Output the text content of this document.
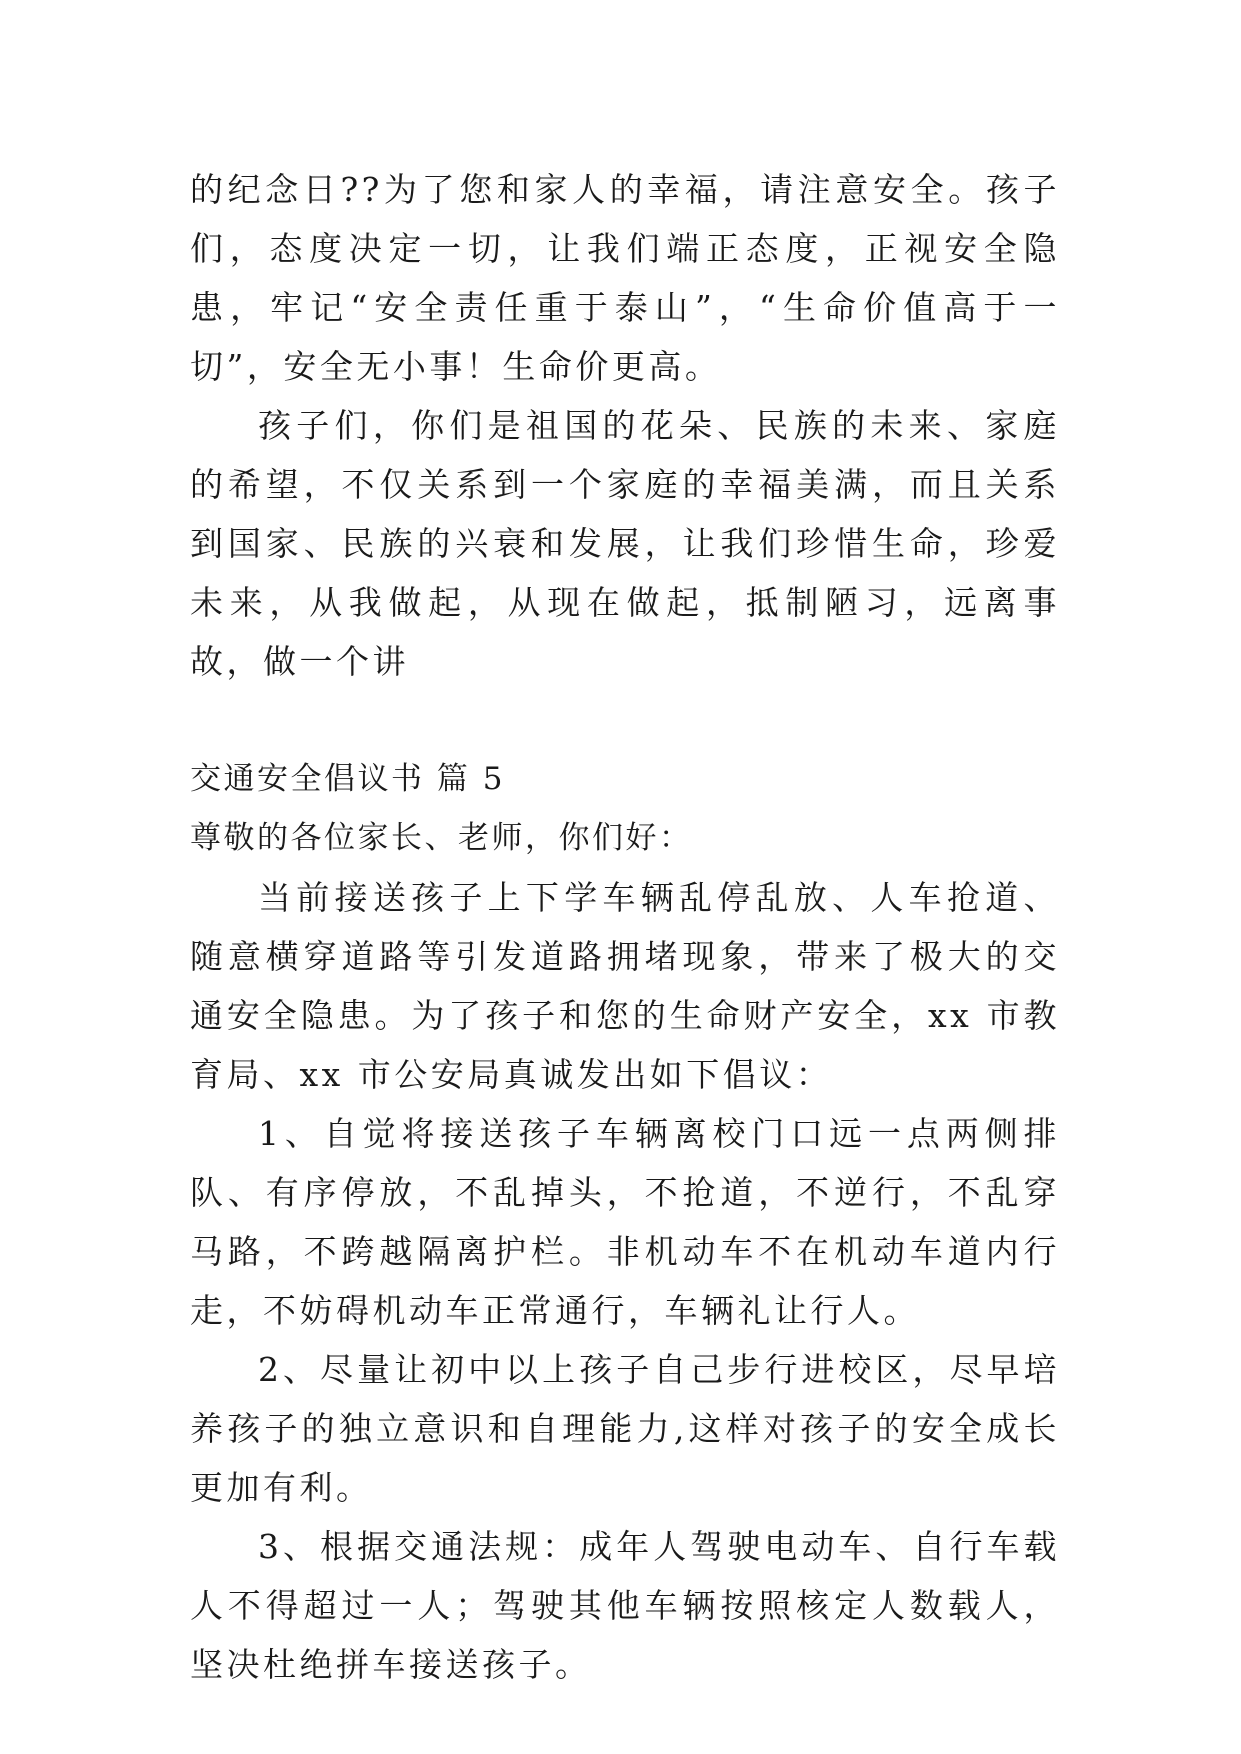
的纪念日??为了您和家人的幸福，请注意安全。孩子们，态度决定一切，让我们端正态度，正视安全隐患，牢记“安全责任重于泰山”，“生命价值高于一切”，安全无小事！生命价更高。

孩子们，你们是祖国的花朵、民族的未来、家庭的希望，不仅关系到一个家庭的幸福美满，而且关系到国家、民族的兴衰和发展，让我们珍惜生命，珍爱未来，从我做起，从现在做起，抵制陋习，远离事故，做一个讲

交通安全倡议书 篇 5

尊敬的各位家长、老师，你们好：

当前接送孩子上下学车辆乱停乱放、人车抢道、随意横穿道路等引发道路拥堵现象，带来了极大的交通安全隐患。为了孩子和您的生命财产安全，xx 市教育局、xx 市公安局真诚发出如下倡议：

1、自觉将接送孩子车辆离校门口远一点两侧排队、有序停放，不乱掉头，不抢道，不逆行，不乱穿马路，不跨越隔离护栏。非机动车不在机动车道内行走，不妨碍机动车正常通行，车辆礼让行人。

2、尽量让初中以上孩子自己步行进校区，尽早培养孩子的独立意识和自理能力,这样对孩子的安全成长更加有利。

3、根据交通法规：成年人驾驶电动车、自行车载人不得超过一人；驾驶其他车辆按照核定人数载人，坚决杜绝拼车接送孩子。
